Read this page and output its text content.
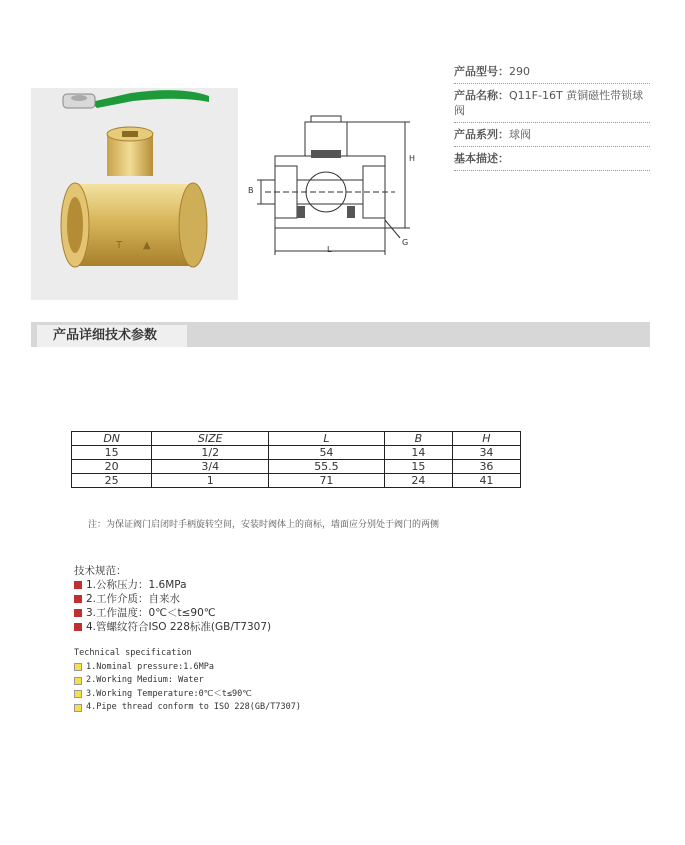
T ▲
H
B
L
G
产品型号：290
产品名称：Q11F-16T 黄铜磁性带锁球阀
产品系列：球阀
基本描述：
产品详细技术参数
DN	SIZE	L	B	H
15	1/2	54	14	34
20	3/4	55.5	15	36
25	1	71	24	41
注：为保证阀门启闭时手柄旋转空间，安装时阀体上的商标，墙面应分别处于阀门的两侧
技术规范：
1.公称压力：1.6MPa
2.工作介质：自来水
3.工作温度：0℃＜t≤90℃
4.管螺纹符合ISO 228标准(GB/T7307)
Technical specification
1.Nominal pressure:1.6MPa
2.Working Medium: Water
3.Working Temperature:0℃＜t≤90℃
4.Pipe thread conform to ISO 228(GB/T7307)
